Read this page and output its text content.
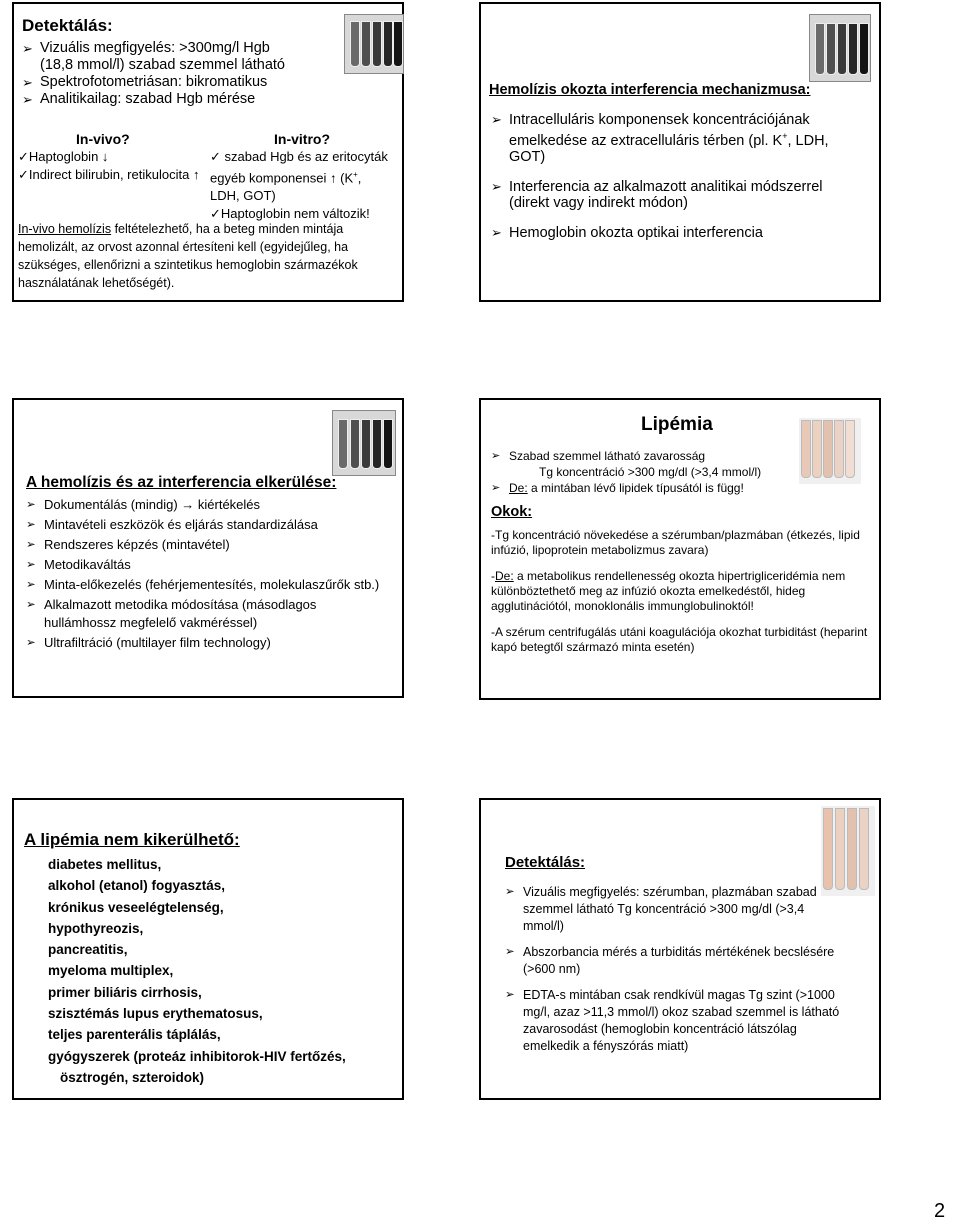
Detektálás:
➢ Vizuális megfigyelés: >300mg/l Hgb
(18,8 mmol/l) szabad szemmel látható
➢ Spektrofotometriásan: bikromatikus
➢ Analitikailag: szabad Hgb mérése
In-vivo?
✓Haptoglobin ↓
✓Indirect bilirubin, retikulocita ↑
In-vitro?
✓ szabad Hgb és az eritocyták
egyéb komponensei ↑ (K+,
LDH, GOT)
✓Haptoglobin nem változik!
In-vivo hemolízis feltételezhető, ha a beteg minden mintája hemolizált, az orvost azonnal értesíteni kell (egyidejűleg, ha szükséges, ellenőrizni a szintetikus hemoglobin származékok használatának lehetőségét).
Hemolízis okozta interferencia mechanizmusa:
➢ Intracelluláris komponensek koncentrációjának emelkedése az extracelluláris térben (pl. K+, LDH, GOT)
➢ Interferencia az alkalmazott analitikai módszerrel (direkt vagy indirekt módon)
➢ Hemoglobin okozta optikai interferencia
A hemolízis és az interferencia elkerülése:
➢ Dokumentálás (mindig) → kiértékelés
➢ Mintavételi eszközök és eljárás standardizálása
➢ Rendszeres képzés (mintavétel)
➢ Metodikaváltás
➢ Minta-előkezelés (fehérjementesítés, molekulaszűrők stb.)
➢ Alkalmazott metodika módosítása (másodlagos hullámhossz megfelelő vakméréssel)
➢ Ultrafiltráció (multilayer film technology)
Lipémia
➢ Szabad szemmel látható zavarosság
Tg koncentráció >300 mg/dl (>3,4 mmol/l)
➢ De: a mintában lévő lipidek típusától is függ!
Okok:
-Tg koncentráció növekedése a szérumban/plazmában (étkezés, lipid infúzió, lipoprotein metabolizmus zavara)
-De: a metabolikus rendellenesség okozta hipertrigliceridémia nem különböztethető meg az infúzió okozta emelkedéstől, hideg agglutinációtól, monoklonális immunglobulinoktól!
-A szérum centrifugálás utáni koagulációja okozhat turbiditást (heparint kapó betegtől származó minta esetén)
A lipémia nem kikerülhető:
diabetes mellitus,
alkohol (etanol) fogyasztás,
krónikus veseelégtelenség,
hypothyreozis,
pancreatitis,
myeloma multiplex,
primer biliáris cirrhosis,
szisztémás lupus erythematosus,
teljes parenterális táplálás,
gyógyszerek (proteáz inhibitorok-HIV fertőzés,
ösztrogén, szteroidok)
Detektálás:
➢ Vizuális megfigyelés: szérumban, plazmában szabad szemmel látható Tg koncentráció >300 mg/dl (>3,4 mmol/l)
➢ Abszorbancia mérés a turbiditás mértékének becslésére (>600 nm)
➢ EDTA-s mintában csak rendkívül magas Tg szint (>1000 mg/l, azaz >11,3 mmol/l) okoz szabad szemmel is látható zavarosodást (hemoglobin koncentráció látszólag emelkedik a fényszórás miatt)
2
